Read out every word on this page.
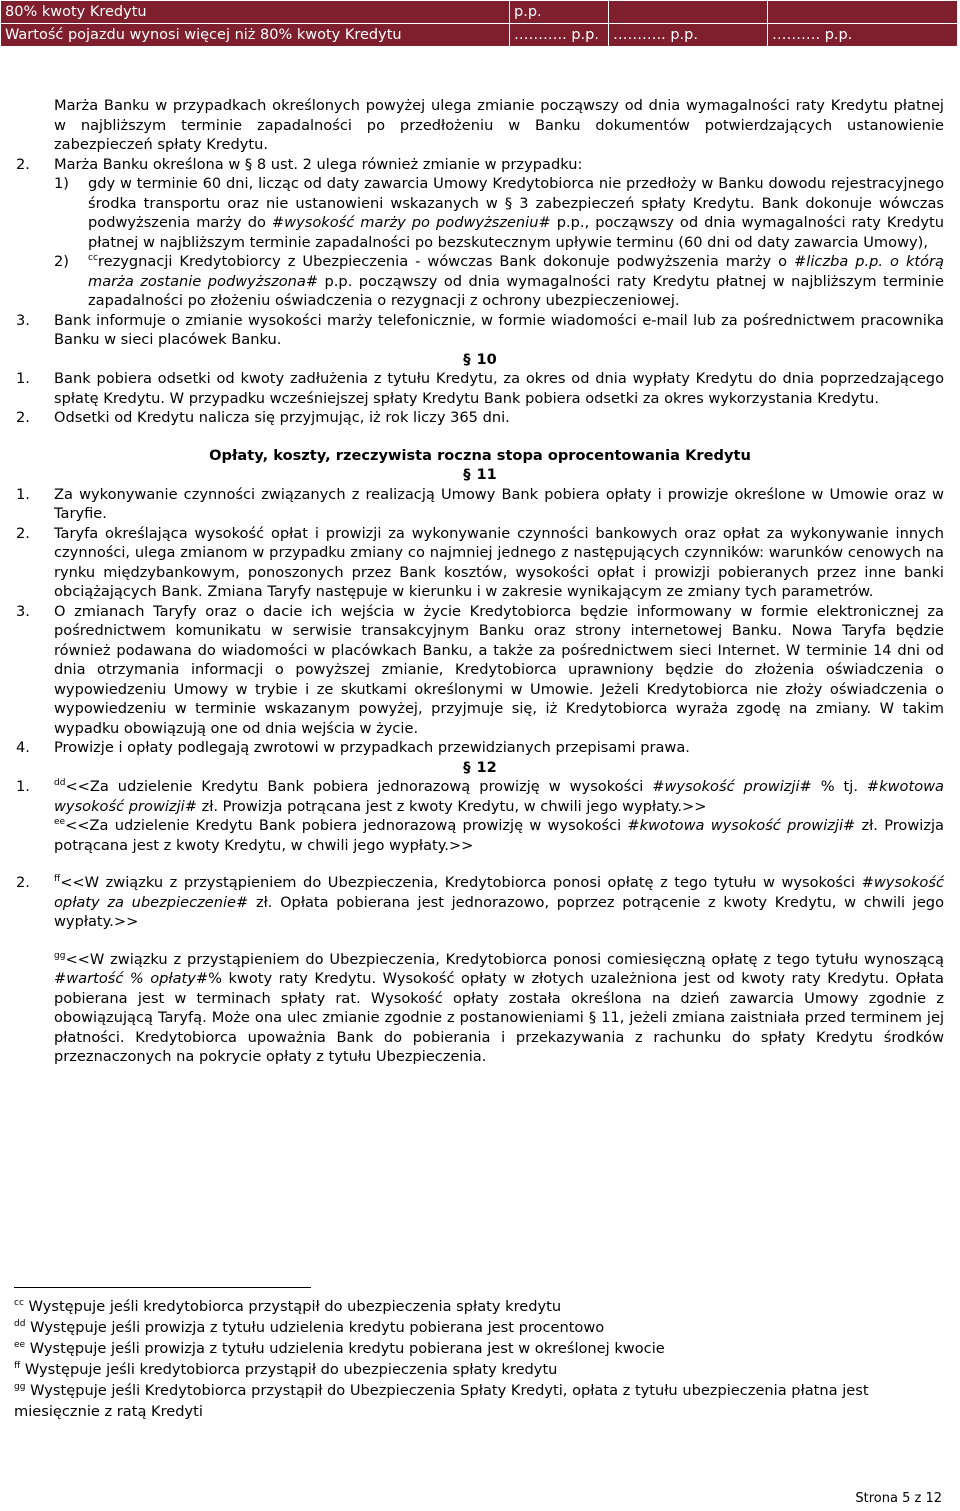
80% kwoty Kredytu	p.p.		
Wartość pojazdu wynosi więcej niż 80% kwoty Kredytu	……….. p.p.	……….. p.p.	………. p.p.
Marża Banku w przypadkach określonych powyżej ulega zmianie począwszy od dnia wymagalności raty Kredytu płatnej w najbliższym terminie zapadalności po przedłożeniu w Banku dokumentów potwierdzających ustanowienie zabezpieczeń spłaty Kredytu.
2.	Marża Banku określona w § 8 ust. 2 ulega również zmianie w przypadku:
1)	gdy w terminie 60 dni, licząc od daty zawarcia Umowy Kredytobiorca nie przedłoży w Banku dowodu rejestracyjnego środka transportu oraz nie ustanowieni wskazanych w § 3 zabezpieczeń spłaty Kredytu. Bank dokonuje wówczas podwyższenia marży do #wysokość marży po podwyższeniu# p.p., począwszy od dnia wymagalności raty Kredytu płatnej w najbliższym terminie zapadalności po bezskutecznym upływie terminu (60 dni od daty zawarcia Umowy),
2)	$^{cc}$rezygnacji Kredytobiorcy z Ubezpieczenia - wówczas Bank dokonuje podwyższenia marży o #liczba p.p. o którą marża zostanie podwyższona# p.p. począwszy od dnia wymagalności raty Kredytu płatnej w najbliższym terminie zapadalności po złożeniu oświadczenia o rezygnacji z ochrony ubezpieczeniowej.
3.	Bank informuje o zmianie wysokości marży telefonicznie, w formie wiadomości e-mail lub za pośrednictwem pracownika Banku w sieci placówek Banku.

§ 10

1.	Bank pobiera odsetki od kwoty zadłużenia z tytułu Kredytu, za okres od dnia wypłaty Kredytu do dnia poprzedzającego spłatę Kredytu. W przypadku wcześniejszej spłaty Kredytu Bank pobiera odsetki za okres wykorzystania Kredytu.
2.	Odsetki od Kredytu nalicza się przyjmując, iż rok liczy 365 dni.

Opłaty, koszty, rzeczywista roczna stopa oprocentowania Kredytu

§ 11

1.	Za wykonywanie czynności związanych z realizacją Umowy Bank pobiera opłaty i prowizje określone w Umowie oraz w Taryfie.
2.	Taryfa określająca wysokość opłat i prowizji za wykonywanie czynności bankowych oraz opłat za wykonywanie innych czynności, ulega zmianom w przypadku zmiany co najmniej jednego z następujących czynników: warunków cenowych na rynku międzybankowym, ponoszonych przez Bank kosztów, wysokości opłat i prowizji pobieranych przez inne banki obciążających Bank. Zmiana Taryfy następuje w kierunku i w zakresie wynikającym ze zmiany tych parametrów.
3.	O zmianach Taryfy oraz o dacie ich wejścia w życie Kredytobiorca będzie informowany w formie elektronicznej za pośrednictwem komunikatu w serwisie transakcyjnym Banku oraz strony internetowej Banku. Nowa Taryfa będzie również podawana do wiadomości w placówkach Banku, a także za pośrednictwem sieci Internet. W terminie 14 dni od dnia otrzymania informacji o powyższej zmianie, Kredytobiorca uprawniony będzie do złożenia oświadczenia o wypowiedzeniu Umowy w trybie i ze skutkami określonymi w Umowie. Jeżeli Kredytobiorca nie złoży oświadczenia o wypowiedzeniu w terminie wskazanym powyżej, przyjmuje się, iż Kredytobiorca wyraża zgodę na zmiany. W takim wypadku obowiązują one od dnia wejścia w życie.
4.	Prowizje i opłaty podlegają zwrotowi w przypadkach przewidzianych przepisami prawa.

§ 12

1.	$^{dd}$<<Za udzielenie Kredytu Bank pobiera jednorazową prowizję w wysokości #wysokość prowizji# % tj. #kwotowa wysokość prowizji# zł. Prowizja potrącana jest z kwoty Kredytu, w chwili jego wypłaty.>>
$^{ee}$<<Za udzielenie Kredytu Bank pobiera jednorazową prowizję w wysokości #kwotowa wysokość prowizji# zł. Prowizja potrącana jest z kwoty Kredytu, w chwili jego wypłaty.>>
2.	$^{ff}$<<W związku z przystąpieniem do Ubezpieczenia, Kredytobiorca ponosi opłatę z tego tytułu w wysokości #wysokość opłaty za ubezpieczenie# zł. Opłata pobierana jest jednorazowo, poprzez potrącenie z kwoty Kredytu, w chwili jego wypłaty.>>
$^{gg}$<<W związku z przystąpieniem do Ubezpieczenia, Kredytobiorca ponosi comiesięczną opłatę z tego tytułu wynoszącą #wartość % opłaty#% kwoty raty Kredytu. Wysokość opłaty w złotych uzależniona jest od kwoty raty Kredytu. Opłata pobierana jest w terminach spłaty rat. Wysokość opłaty została określona na dzień zawarcia Umowy zgodnie z obowiązującą Taryfą. Może ona ulec zmianie zgodnie z postanowieniami § 11, jeżeli zmiana zaistniała przed terminem jej płatności. Kredytobiorca upoważnia Bank do pobierania i przekazywania z rachunku do spłaty Kredytu środków przeznaczonych na pokrycie opłaty z tytułu Ubezpieczenia.
$^{cc}$ Występuje jeśli kredytobiorca przystąpił do ubezpieczenia spłaty kredytu
$^{dd}$ Występuje jeśli prowizja z tytułu udzielenia kredytu pobierana jest procentowo
$^{ee}$ Występuje jeśli prowizja z tytułu udzielenia kredytu pobierana jest w określonej kwocie
$^{ff}$ Występuje jeśli kredytobiorca przystąpił do ubezpieczenia spłaty kredytu
$^{gg}$ Występuje jeśli Kredytobiorca przystąpił do Ubezpieczenia Spłaty Kredyti, opłata z tytułu ubezpieczenia płatna jest miesięcznie z ratą Kredyti
Strona 5 z 12
